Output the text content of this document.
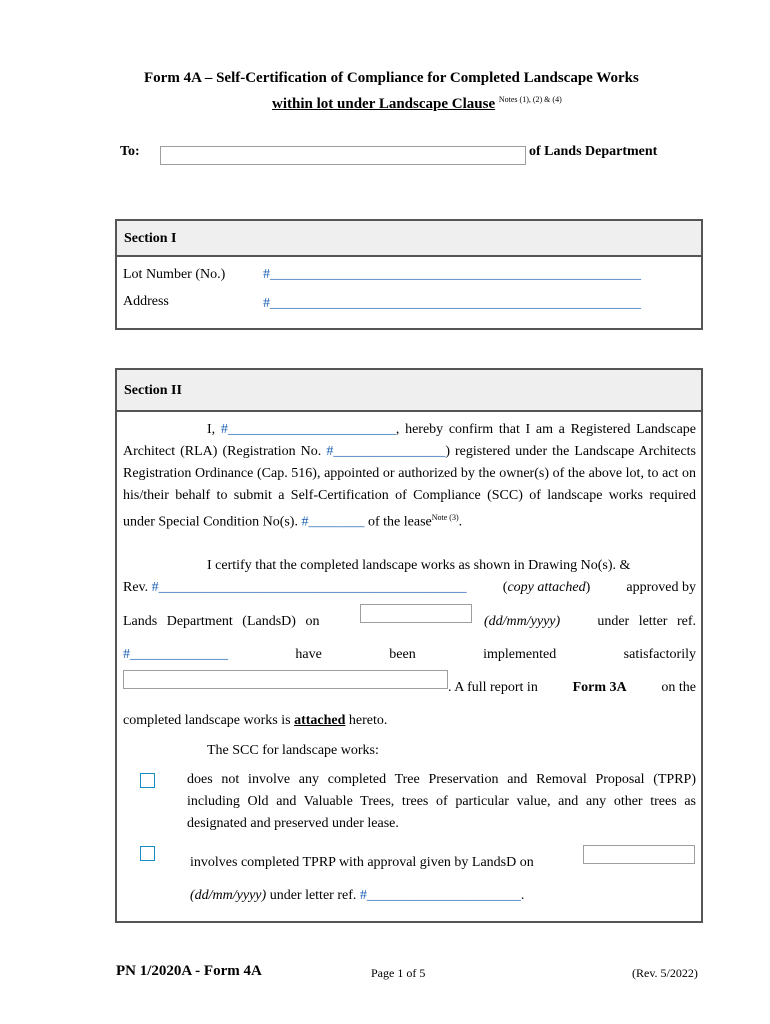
Form 4A – Self-Certification of Compliance for Completed Landscape Works
within lot under Landscape Clause $^{Notes (1), (2) \& (4)}$
To:	of Lands Department
Section I
Lot Number (No.)	#_____________________________________________________
Address	#_____________________________________________________
Section II
I, #________________________, hereby confirm that I am a Registered Landscape Architect (RLA) (Registration No. #________________) registered under the Landscape Architects Registration Ordinance (Cap. 516), appointed or authorized by the owner(s) of the above lot, to act on his/their behalf to submit a Self-Certification of Compliance (SCC) of landscape works required under Special Condition No(s). #________ of the lease$^{Note (3)}$.
I certify that the completed landscape works as shown in Drawing No(s). &
Rev. #____________________________________________	(copy attached)	approved by
Lands Department (LandsD) on	(dd/mm/yyyy)	under letter ref.
#______________	have	been	implemented	satisfactorily
. A full report in Form 3A on the
completed landscape works is attached hereto.
The SCC for landscape works:
does not involve any completed Tree Preservation and Removal Proposal (TPRP) including Old and Valuable Trees, trees of particular value, and any other trees as designated and preserved under lease.
involves completed TPRP with approval given by LandsD on
(dd/mm/yyyy) under letter ref. #______________________.
PN 1/2020A - Form 4A	Page 1 of 5	(Rev. 5/2022)
